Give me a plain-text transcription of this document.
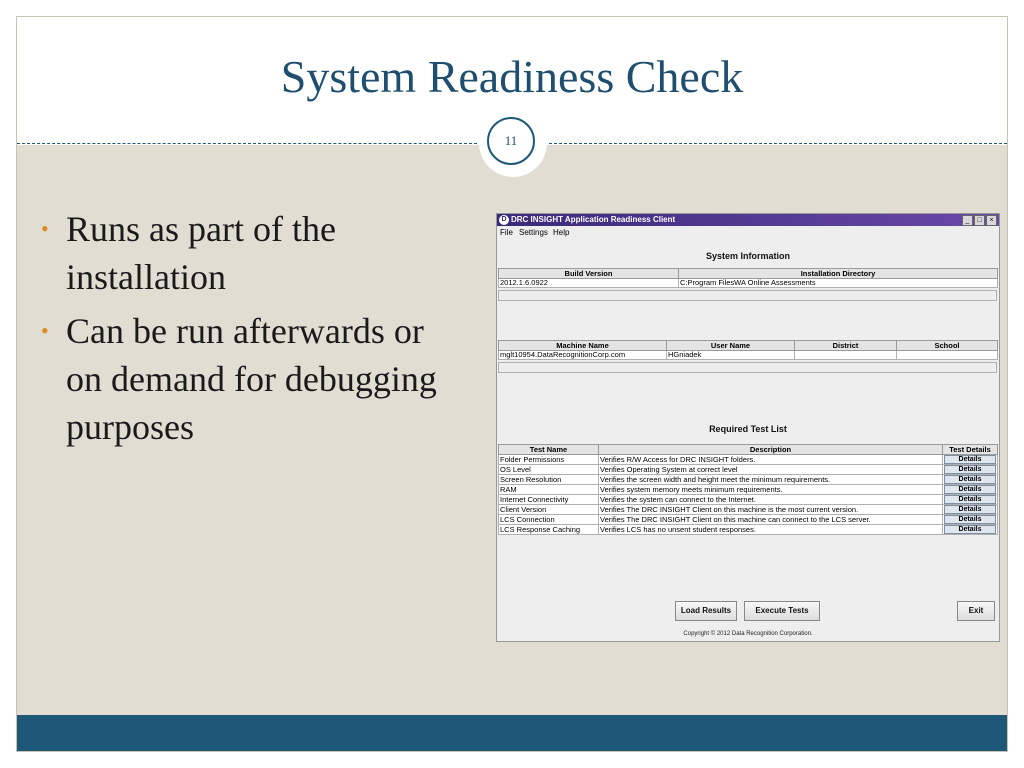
System Readiness Check
11
• Runs as part of the installation
• Can be run afterwards or on demand for debugging purposes
D DRC INSIGHT Application Readiness Client	_ □ ×
File Settings Help
System Information
Build Version	Installation Directory
2012.1.6.0922	C:Program FilesWA Online Assessments
Machine Name	User Name	District	School
mglt10954.DataRecognitionCorp.com	HGniadek		
Required Test List
Test Name	Description	Test Details
Folder Permissions	Verifies R/W Access for DRC INSIGHT folders.	Details

OS Level	Verifies Operating System at correct level	Details

Screen Resolution	Verifies the screen width and height meet the minimum requirements.	Details

RAM	Verifies system memory meets minimum requirements.	Details

Internet Connectivity	Verifies the system can connect to the Internet.	Details

Client Version	Verifies The DRC INSIGHT Client on this machine is the most current version.	Details

LCS Connection	Verifies The DRC INSIGHT Client on this machine can connect to the LCS server.	Details

LCS Response Caching	Verifies LCS has no unsent student responses.	Details
Load Results	Execute Tests	Exit
Copyright © 2012 Data Recognition Corporation.
